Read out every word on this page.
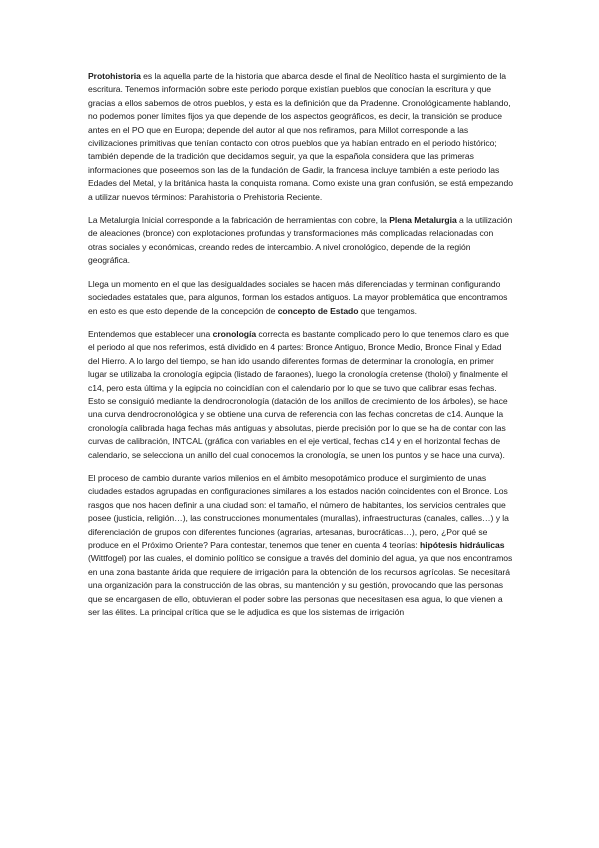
Protohistoria es la aquella parte de la historia que abarca desde el final de Neolítico hasta el surgimiento de la escritura. Tenemos información sobre este periodo porque existían pueblos que conocían la escritura y que gracias a ellos sabemos de otros pueblos, y esta es la definición que da Pradenne. Cronológicamente hablando, no podemos poner límites fijos ya que depende de los aspectos geográficos, es decir, la transición se produce antes en el PO que en Europa; depende del autor al que nos refiramos, para Millot corresponde a las civilizaciones primitivas que tenían contacto con otros pueblos que ya habían entrado en el periodo histórico; también depende de la tradición que decidamos seguir, ya que la española considera que las primeras informaciones que poseemos son las de la fundación de Gadir, la francesa incluye también a este periodo las Edades del Metal, y la británica hasta la conquista romana. Como existe una gran confusión, se está empezando a utilizar nuevos términos: Parahistoria o Prehistoria Reciente.

La Metalurgia Inicial corresponde a la fabricación de herramientas con cobre, la Plena Metalurgia a la utilización de aleaciones (bronce) con explotaciones profundas y transformaciones más complicadas relacionadas con otras sociales y económicas, creando redes de intercambio. A nivel cronológico, depende de la región geográfica.

Llega un momento en el que las desigualdades sociales se hacen más diferenciadas y terminan configurando sociedades estatales que, para algunos, forman los estados antiguos. La mayor problemática que encontramos en esto es que esto depende de la concepción de concepto de Estado que tengamos.

Entendemos que establecer una cronología correcta es bastante complicado pero lo que tenemos claro es que el periodo al que nos referimos, está dividido en 4 partes: Bronce Antiguo, Bronce Medio, Bronce Final y Edad del Hierro. A lo largo del tiempo, se han ido usando diferentes formas de determinar la cronología, en primer lugar se utilizaba la cronología egipcia (listado de faraones), luego la cronología cretense (tholoi) y finalmente el c14, pero esta última y la egipcia no coincidían con el calendario por lo que se tuvo que calibrar esas fechas. Esto se consiguió mediante la dendrocronología (datación de los anillos de crecimiento de los árboles), se hace una curva dendrocronológica y se obtiene una curva de referencia con las fechas concretas de c14. Aunque la cronología calibrada haga fechas más antiguas y absolutas, pierde precisión por lo que se ha de contar con las curvas de calibración, INTCAL (gráfica con variables en el eje vertical, fechas c14 y en el horizontal fechas de calendario, se selecciona un anillo del cual conocemos la cronología, se unen los puntos y se hace una curva).

El proceso de cambio durante varios milenios en el ámbito mesopotámico produce el surgimiento de unas ciudades estados agrupadas en configuraciones similares a los estados nación coincidentes con el Bronce. Los rasgos que nos hacen definir a una ciudad son: el tamaño, el número de habitantes, los servicios centrales que posee (justicia, religión…), las construcciones monumentales (murallas), infraestructuras (canales, calles…) y la diferenciación de grupos con diferentes funciones (agrarias, artesanas, burocráticas…), pero, ¿Por qué se produce en el Próximo Oriente? Para contestar, tenemos que tener en cuenta 4 teorías: hipótesis hidráulicas (Wittfogel) por las cuales, el dominio político se consigue a través del dominio del agua, ya que nos encontramos en una zona bastante árida que requiere de irrigación para la obtención de los recursos agrícolas. Se necesitará una organización para la construcción de las obras, su mantención y su gestión, provocando que las personas que se encargasen de ello, obtuvieran el poder sobre las personas que necesitasen esa agua, lo que vienen a ser las élites. La principal crítica que se le adjudica es que los sistemas de irrigación
